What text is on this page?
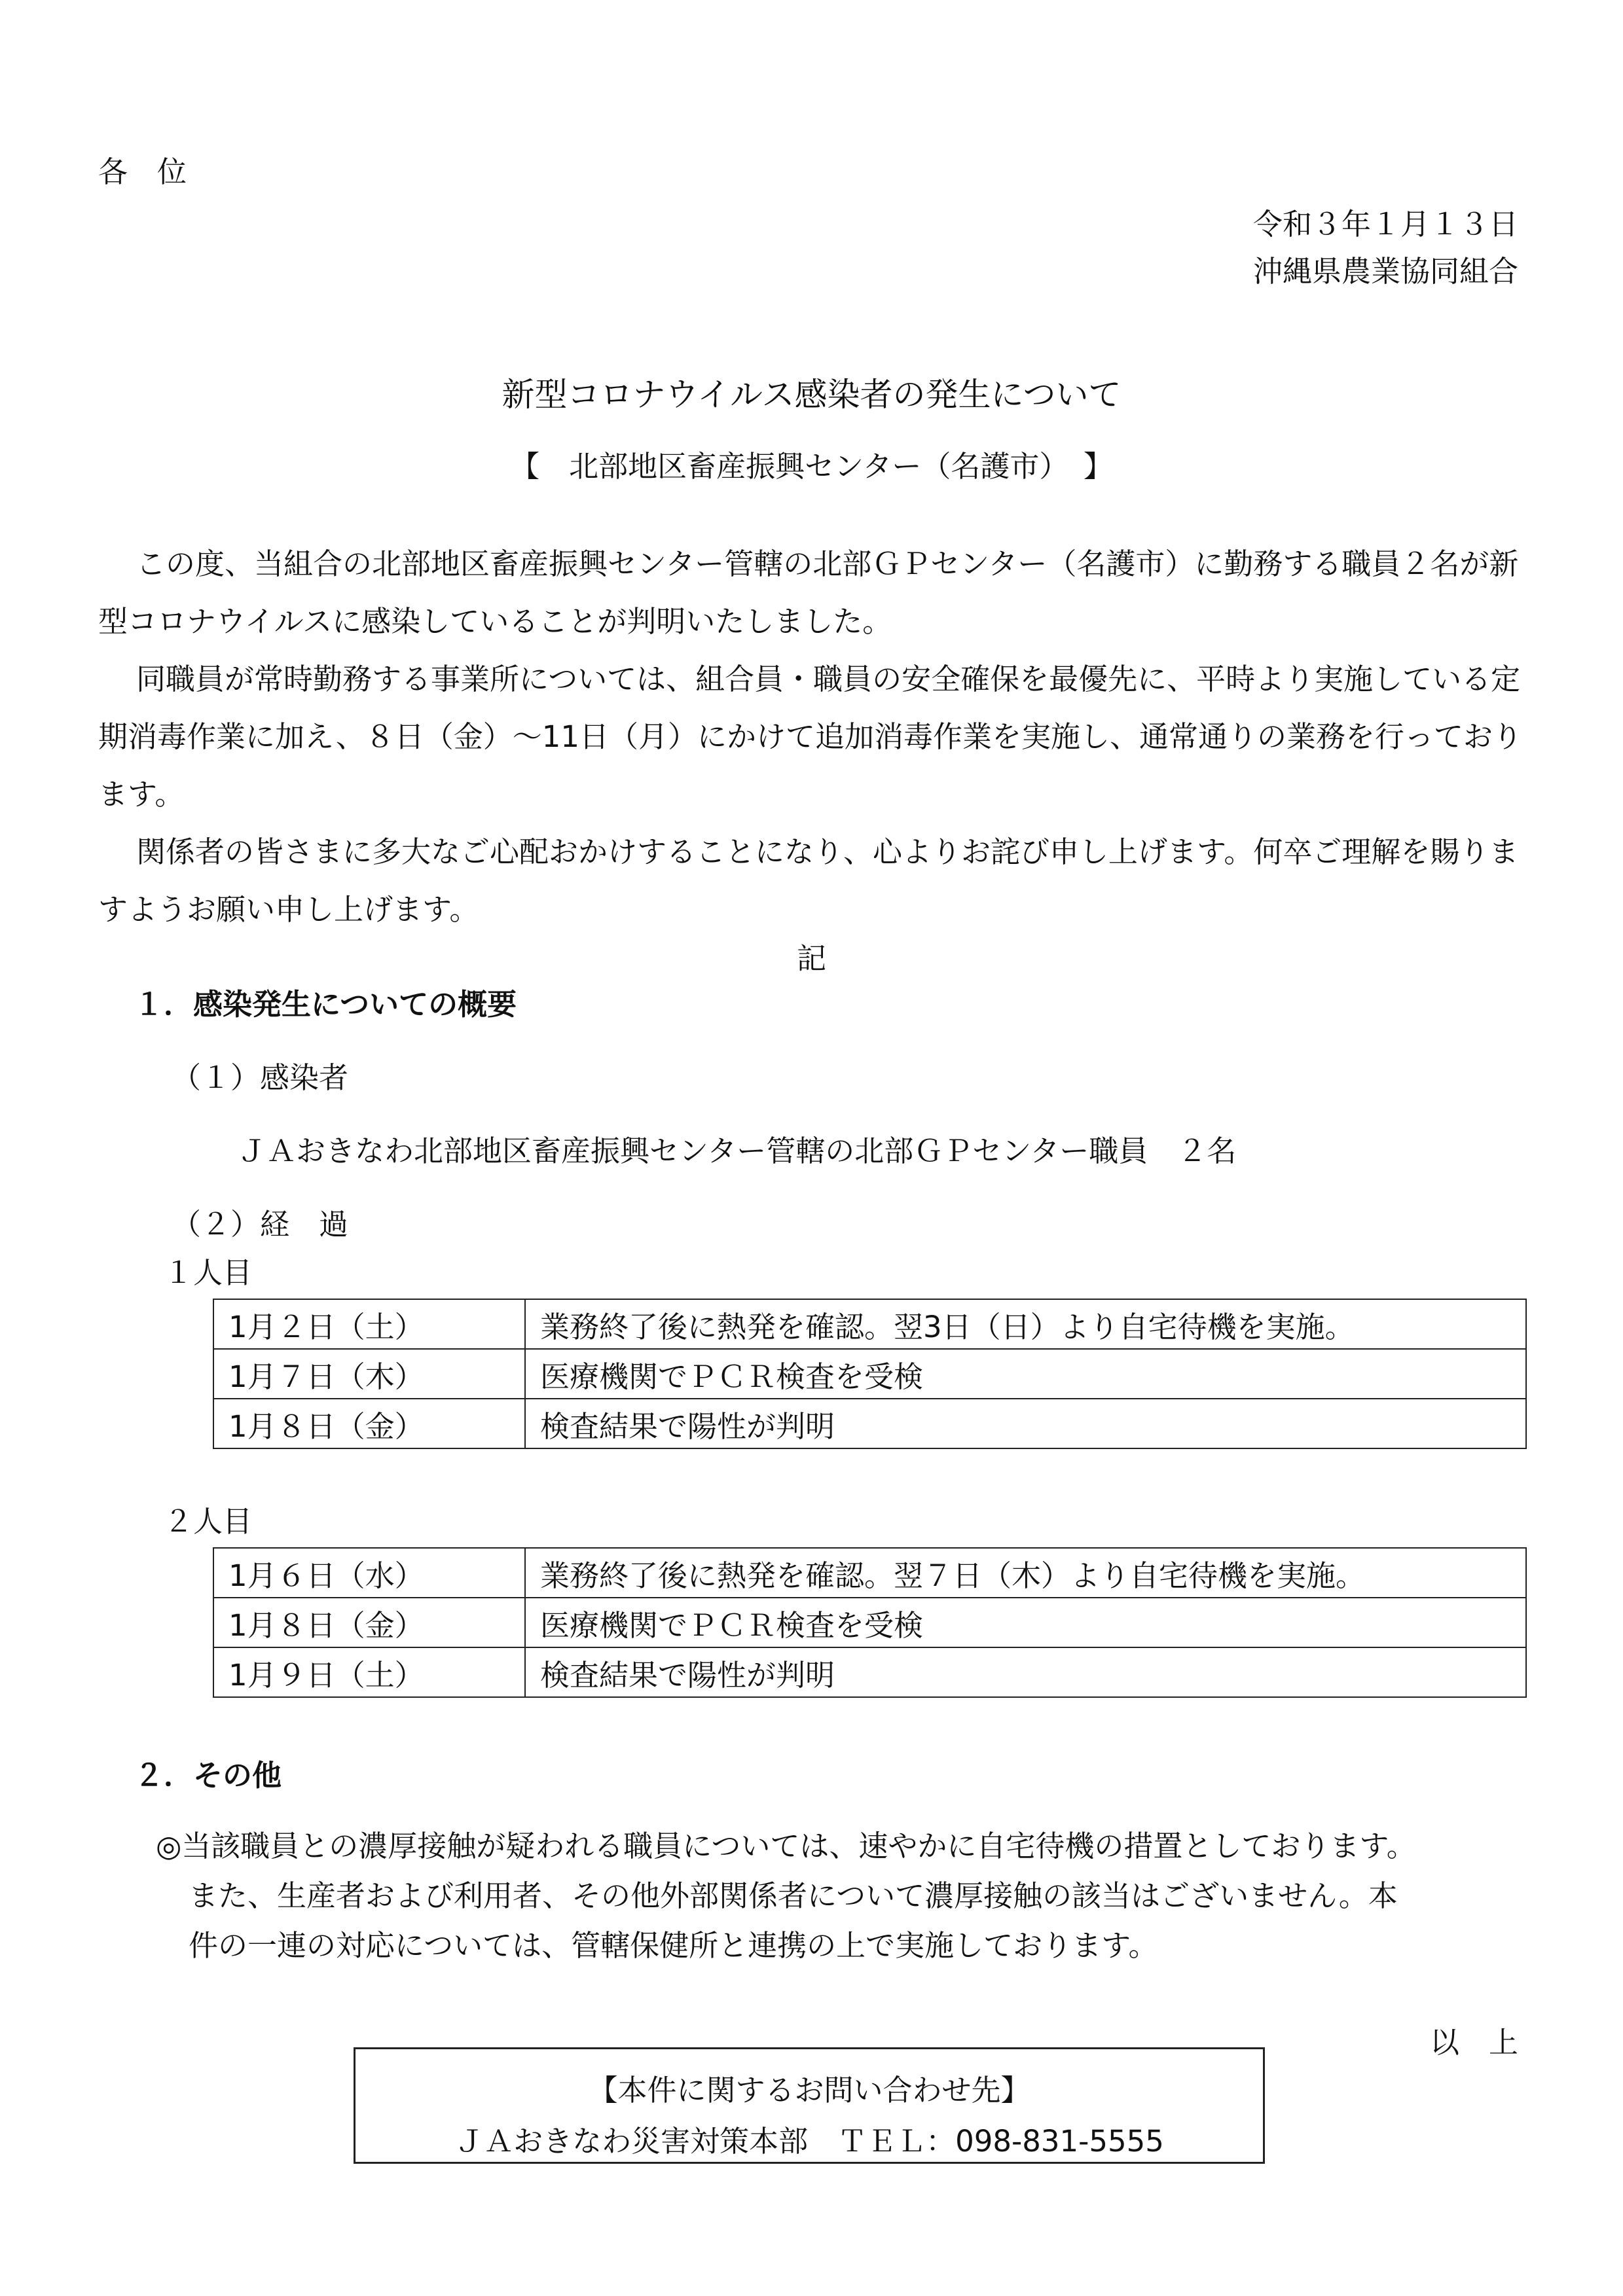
各　位
令和３年１月１３日
沖縄県農業協同組合
新型コロナウイルス感染者の発生について
【　北部地区畜産振興センター（名護市）　】

この度、当組合の北部地区畜産振興センター管轄の北部ＧＰセンター（名護市）に勤務する職員２名が新型コロナウイルスに感染していることが判明いたしました。

同職員が常時勤務する事業所については、組合員・職員の安全確保を最優先に、平時より実施している定期消毒作業に加え、８日（金）～11日（月）にかけて追加消毒作業を実施し、通常通りの業務を行っております。

関係者の皆さまに多大なご心配おかけすることになり、心よりお詫び申し上げます。何卒ご理解を賜りますようお願い申し上げます。

記
１．感染発生についての概要
（１）感染者
ＪＡおきなわ北部地区畜産振興センター管轄の北部ＧＰセンター職員　２名
（２）経　過
１人目
1月２日（土）	業務終了後に熱発を確認。翌3日（日）より自宅待機を実施。
1月７日（木）	医療機関でＰＣＲ検査を受検
1月８日（金）	検査結果で陽性が判明
２人目
1月６日（水）	業務終了後に熱発を確認。翌７日（木）より自宅待機を実施。
1月８日（金）	医療機関でＰＣＲ検査を受検
1月９日（土）	検査結果で陽性が判明
２．その他
◎当該職員との濃厚接触が疑われる職員については、速やかに自宅待機の措置としております。
また、生産者および利用者、その他外部関係者について濃厚接触の該当はございません。本
件の一連の対応については、管轄保健所と連携の上で実施しております。
以　上
【本件に関するお問い合わせ先】
ＪＡおきなわ災害対策本部　ＴＥＬ：098-831-5555
